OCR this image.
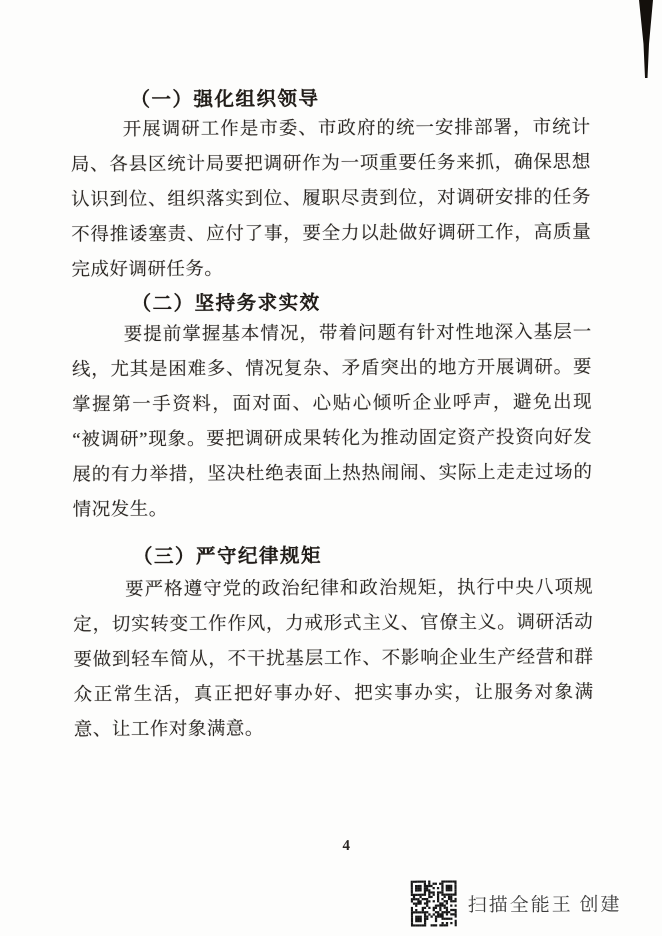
（一）强化组织领导

开展调研工作是市委、市政府的统一安排部署，市统计局、各县区统计局要把调研作为一项重要任务来抓，确保思想认识到位、组织落实到位、履职尽责到位，对调研安排的任务不得推诿塞责、应付了事，要全力以赴做好调研工作，高质量完成好调研任务。

（二）坚持务求实效

要提前掌握基本情况，带着问题有针对性地深入基层一线，尤其是困难多、情况复杂、矛盾突出的地方开展调研。要掌握第一手资料，面对面、心贴心倾听企业呼声，避免出现“被调研”现象。要把调研成果转化为推动固定资产投资向好发展的有力举措，坚决杜绝表面上热热闹闹、实际上走走过场的情况发生。

（三）严守纪律规矩

要严格遵守党的政治纪律和政治规矩，执行中央八项规定，切实转变工作作风，力戒形式主义、官僚主义。调研活动要做到轻车简从，不干扰基层工作、不影响企业生产经营和群众正常生活，真正把好事办好、把实事办实，让服务对象满意、让工作对象满意。

4
扫描全能王 创建
